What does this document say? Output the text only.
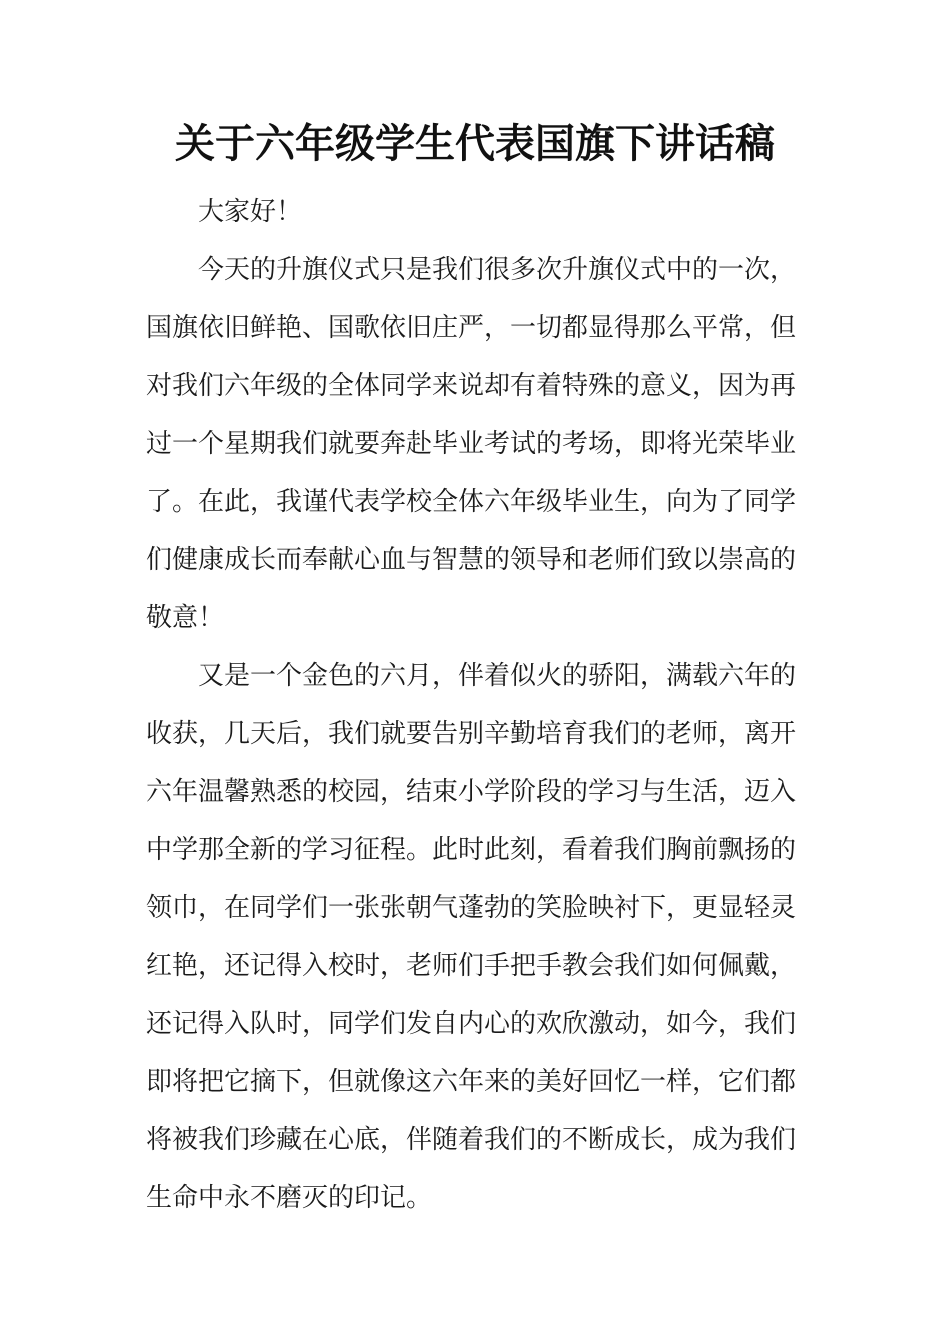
关于六年级学生代表国旗下讲话稿

大家好！

今天的升旗仪式只是我们很多次升旗仪式中的一次，
国旗依旧鲜艳、国歌依旧庄严，一切都显得那么平常，但
对我们六年级的全体同学来说却有着特殊的意义，因为再
过一个星期我们就要奔赴毕业考试的考场，即将光荣毕业
了。在此，我谨代表学校全体六年级毕业生，向为了同学
们健康成长而奉献心血与智慧的领导和老师们致以崇高的
敬意！

又是一个金色的六月，伴着似火的骄阳，满载六年的
收获，几天后，我们就要告别辛勤培育我们的老师，离开
六年温馨熟悉的校园，结束小学阶段的学习与生活，迈入
中学那全新的学习征程。此时此刻，看着我们胸前飘扬的
领巾，在同学们一张张朝气蓬勃的笑脸映衬下，更显轻灵
红艳，还记得入校时，老师们手把手教会我们如何佩戴，
还记得入队时，同学们发自内心的欢欣激动，如今，我们
即将把它摘下，但就像这六年来的美好回忆一样，它们都
将被我们珍藏在心底，伴随着我们的不断成长，成为我们
生命中永不磨灭的印记。
